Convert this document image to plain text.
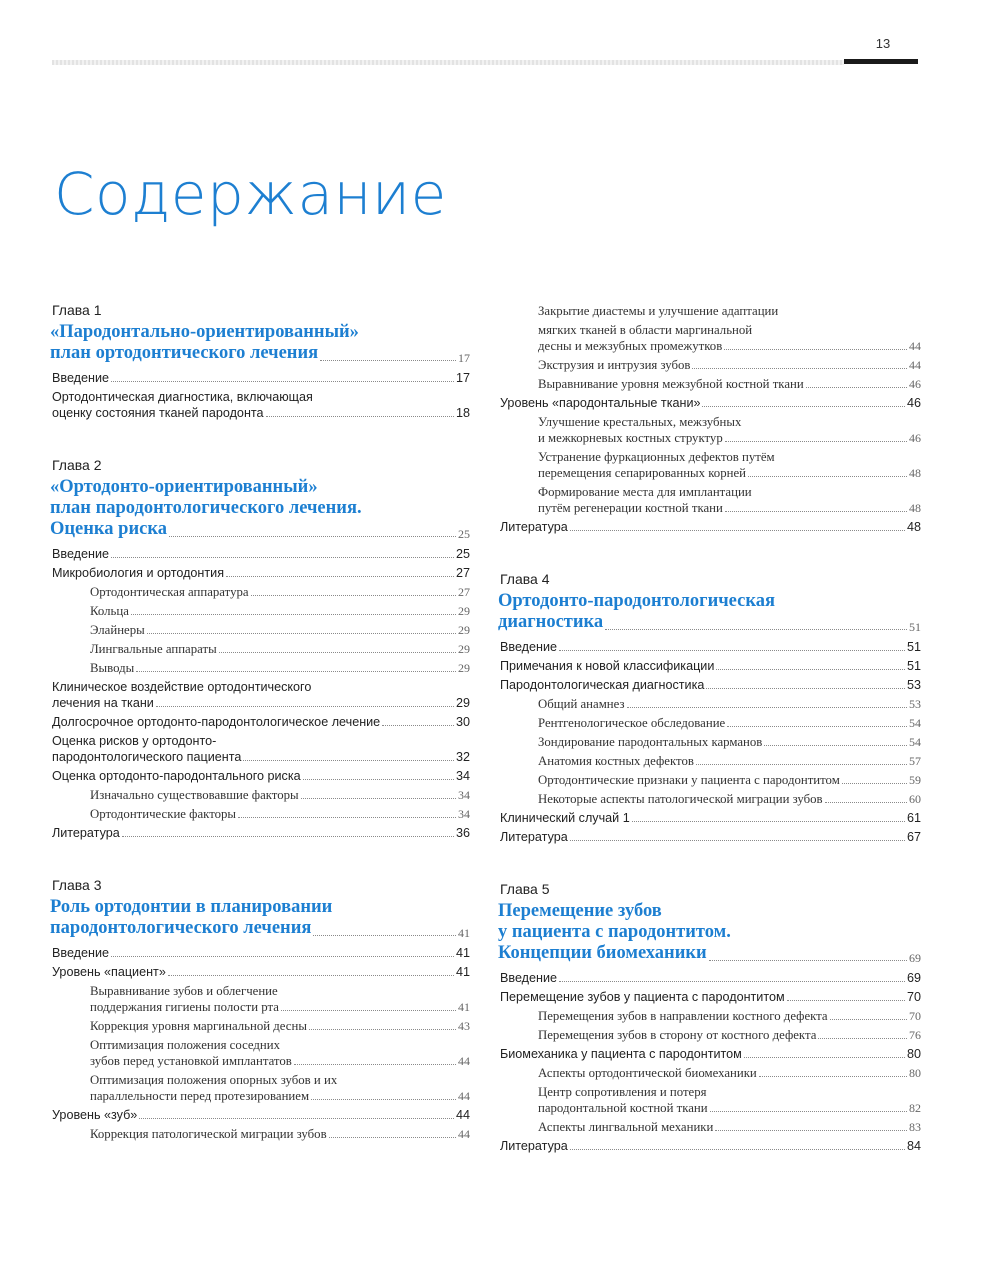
13
Содержание
Глава 1
«Пародонтально-ориентированный»
план ортодонтического лечения	17
Введение	17
Ортодонтическая диагностика, включающая
оценку состояния тканей пародонта	18
Глава 2
«Ортодонто-ориентированный»
план пародонтологического лечения.
Оценка риска	25
Введение	25
Микробиология и ортодонтия	27
Ортодонтическая аппаратура	27
Кольца	29
Элайнеры	29
Лингвальные аппараты	29
Выводы	29
Клиническое воздействие ортодонтического
лечения на ткани	29
Долгосрочное ортодонто-пародонтологическое лечение	30
Оценка рисков у ортодонто-
пародонтологического пациента	32
Оценка ортодонто-пародонтального риска	34
Изначально существовавшие факторы	34
Ортодонтические факторы	34
Литература	36
Глава 3
Роль ортодонтии в планировании
пародонтологического лечения	41
Введение	41
Уровень «пациент»	41
Выравнивание зубов и облегчение
поддержания гигиены полости рта	41
Коррекция уровня маргинальной десны	43
Оптимизация положения соседних
зубов перед установкой имплантатов	44
Оптимизация положения опорных зубов и их
параллельности перед протезированием	44
Уровень «зуб»	44
Коррекция патологической миграции зубов	44
Закрытие диастемы и улучшение адаптации
мягких тканей в области маргинальной
десны и межзубных промежутков	44
Экструзия и интрузия зубов	44
Выравнивание уровня межзубной костной ткани	46
Уровень «пародонтальные ткани»	46
Улучшение крестальных, межзубных
и межкорневых костных структур	46
Устранение фуркационных дефектов путём
перемещения сепарированных корней	48
Формирование места для имплантации
путём регенерации костной ткани	48
Литература	48
Глава 4
Ортодонто-пародонтологическая
диагностика	51
Введение	51
Примечания к новой классификации	51
Пародонтологическая диагностика	53
Общий анамнез	53
Рентгенологическое обследование	54
Зондирование пародонтальных карманов	54
Анатомия костных дефектов	57
Ортодонтические признаки у пациента с пародонтитом	59
Некоторые аспекты патологической миграции зубов	60
Клинический случай 1	61
Литература	67
Глава 5
Перемещение зубов
у пациента с пародонтитом.
Концепции биомеханики	69
Введение	69
Перемещение зубов у пациента с пародонтитом	70
Перемещения зубов в направлении костного дефекта	70
Перемещения зубов в сторону от костного дефекта	76
Биомеханика у пациента с пародонтитом	80
Аспекты ортодонтической биомеханики	80
Центр сопротивления и потеря
пародонтальной костной ткани	82
Аспекты лингвальной механики	83
Литература	84
